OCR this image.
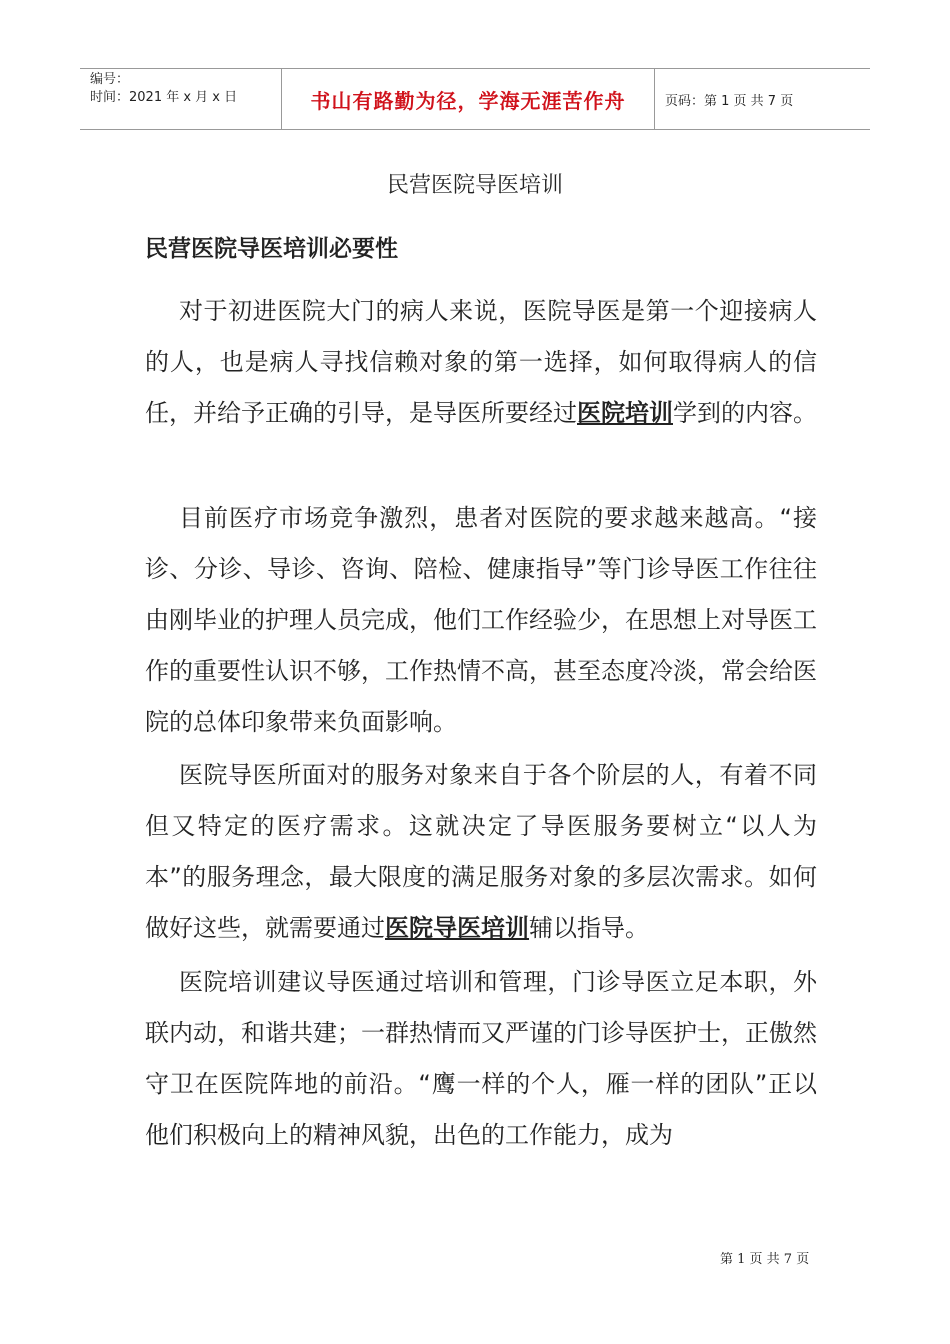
编号：
时间：2021 年 x 月 x 日	书山有路勤为径，学海无涯苦作舟	页码：第 1 页 共 7 页
民营医院导医培训
民营医院导医培训必要性

对于初进医院大门的病人来说，医院导医是第一个迎接病人的人，也是病人寻找信赖对象的第一选择，如何取得病人的信任，并给予正确的引导，是导医所要经过医院培训学到的内容。

目前医疗市场竞争激烈，患者对医院的要求越来越高。“接诊、分诊、导诊、咨询、陪检、健康指导”等门诊导医工作往往由刚毕业的护理人员完成，他们工作经验少，在思想上对导医工作的重要性认识不够，工作热情不高，甚至态度冷淡，常会给医院的总体印象带来负面影响。

医院导医所面对的服务对象来自于各个阶层的人，有着不同但又特定的医疗需求。这就决定了导医服务要树立“以人为本”的服务理念，最大限度的满足服务对象的多层次需求。如何做好这些，就需要通过医院导医培训辅以指导。

医院培训建议导医通过培训和管理，门诊导医立足本职，外联内动，和谐共建；一群热情而又严谨的门诊导医护士，正傲然守卫在医院阵地的前沿。“鹰一样的个人，雁一样的团队”正以他们积极向上的精神风貌，出色的工作能力，成为

第 1 页 共 7 页
